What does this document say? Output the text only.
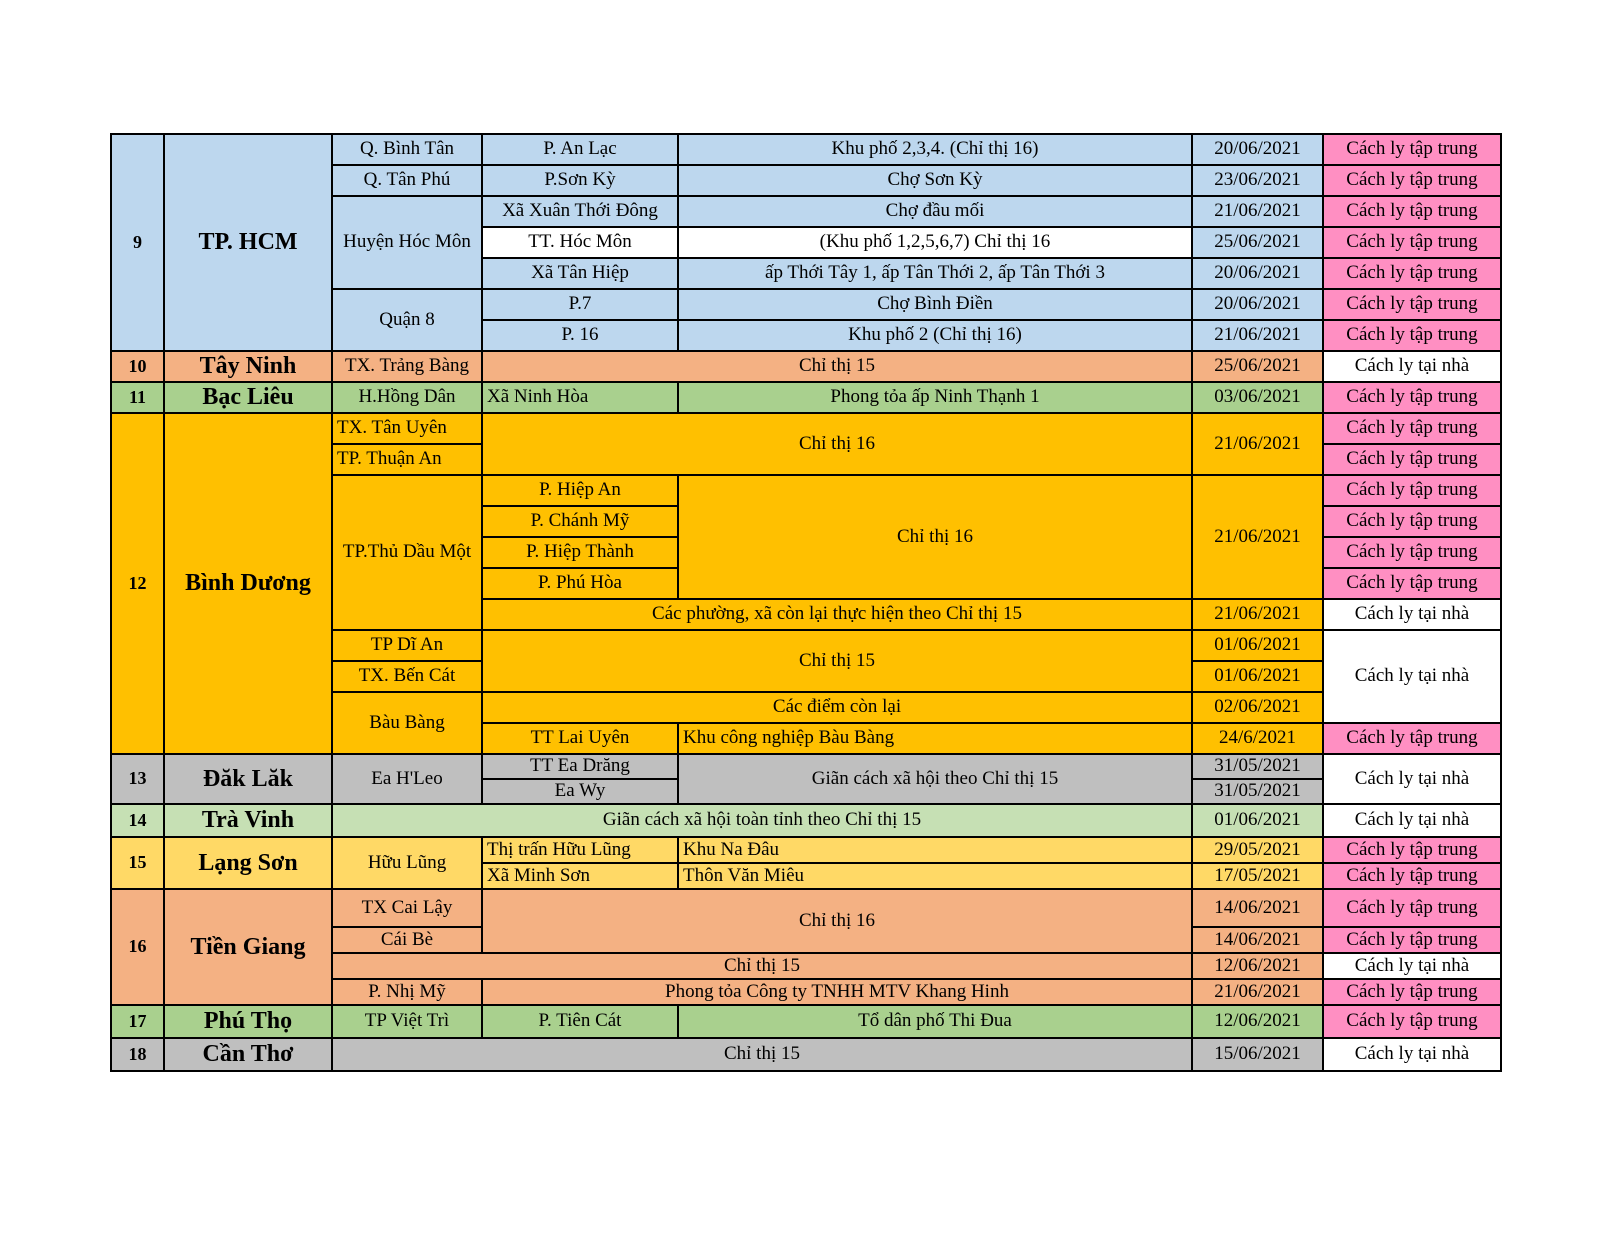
9	TP. HCM	Q. Bình Tân	P. An Lạc	Khu phố 2,3,4. (Chỉ thị 16)	20/06/2021	Cách ly tập trung
		Q. Tân Phú	P.Sơn Kỳ	Chợ Sơn Kỳ	23/06/2021	Cách ly tập trung
		Huyện Hóc Môn	Xã Xuân Thới Đông	Chợ đầu mối	21/06/2021	Cách ly tập trung
			TT. Hóc Môn	(Khu phố 1,2,5,6,7) Chỉ thị 16	25/06/2021	Cách ly tập trung
			Xã Tân Hiệp	ấp Thới Tây 1, ấp Tân Thới 2, ấp Tân Thới 3	20/06/2021	Cách ly tập trung
		Quận 8	P.7	Chợ Bình Điền	20/06/2021	Cách ly tập trung
			P. 16	Khu phố 2 (Chỉ thị 16)	21/06/2021	Cách ly tập trung
10	Tây Ninh	TX. Trảng Bàng	Chỉ thị 15		25/06/2021	Cách ly tại nhà
11	Bạc Liêu	H.Hồng Dân	Xã Ninh Hòa	Phong tỏa ấp Ninh Thạnh 1	03/06/2021	Cách ly tập trung
12	Bình Dương	TX. Tân Uyên	Chỉ thị 16		21/06/2021	Cách ly tập trung
		TP. Thuận An				Cách ly tập trung
		TP.Thủ Dầu Một	P. Hiệp An	Chỉ thị 16	21/06/2021	Cách ly tập trung
			P. Chánh Mỹ			Cách ly tập trung
			P. Hiệp Thành			Cách ly tập trung
			P. Phú Hòa			Cách ly tập trung
			Các phường, xã còn lại thực hiện theo Chỉ thị 15		21/06/2021	Cách ly tại nhà
		TP Dĩ An	Chỉ thị 15		01/06/2021	Cách ly tại nhà
		TX. Bến Cát			01/06/2021	
		Bàu Bàng	Các điểm còn lại		02/06/2021	
			TT Lai Uyên	Khu công nghiệp Bàu Bàng	24/6/2021	Cách ly tập trung
13	Đăk Lăk	Ea H'Leo	TT Ea Drăng	Giãn cách xã hội theo Chỉ thị 15	31/05/2021	Cách ly tại nhà
			Ea Wy		31/05/2021	
14	Trà Vinh	Giãn cách xã hội toàn tỉnh theo Chỉ thị 15			01/06/2021	Cách ly tại nhà
15	Lạng Sơn	Hữu Lũng	Thị trấn Hữu Lũng	Khu Na Đâu	29/05/2021	Cách ly tập trung
			Xã Minh Sơn	Thôn Văn Miêu	17/05/2021	Cách ly tập trung
16	Tiền Giang	TX Cai Lậy	Chỉ thị 16		14/06/2021	Cách ly tập trung
		Cái Bè			14/06/2021	Cách ly tập trung
		Chỉ thị 15			12/06/2021	Cách ly tại nhà
		P. Nhị Mỹ	Phong tỏa Công ty TNHH MTV Khang Hinh		21/06/2021	Cách ly tập trung
17	Phú Thọ	TP Việt Trì	P. Tiên Cát	Tổ dân phố Thi Đua	12/06/2021	Cách ly tập trung
18	Cần Thơ	Chỉ thị 15			15/06/2021	Cách ly tại nhà
